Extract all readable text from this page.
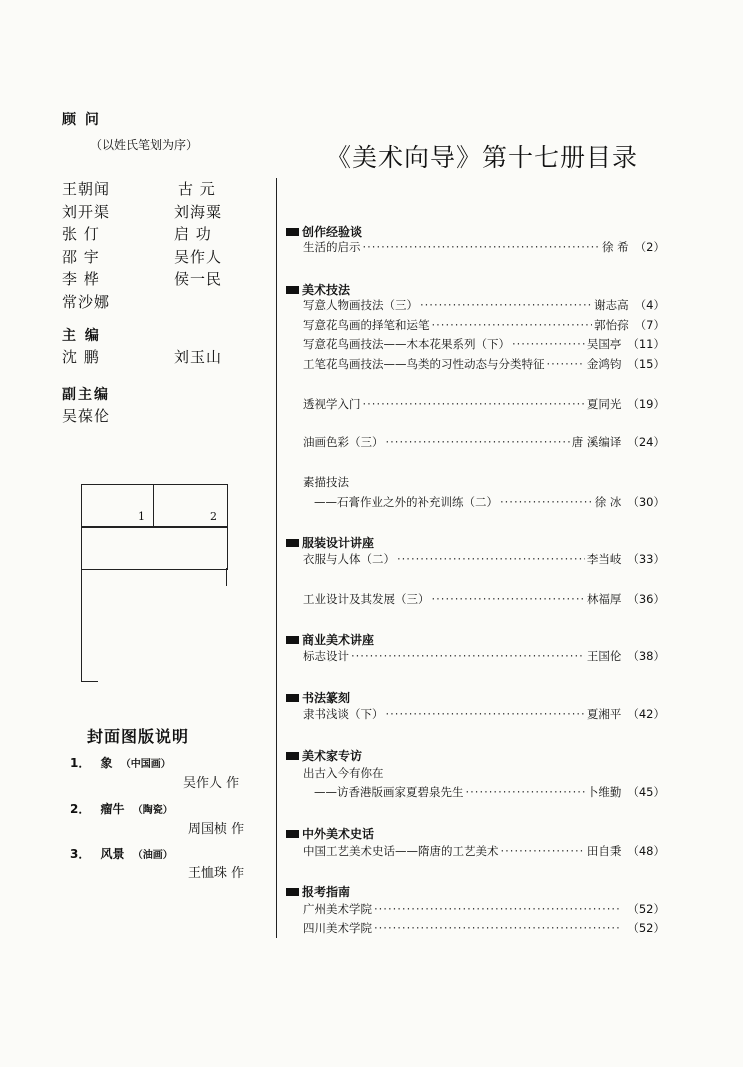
顾 问
（以姓氏笔划为序）
王朝闻	古 元
刘开渠	刘海粟
张 仃	启 功
邵 宇	吴作人
李 桦	侯一民
常沙娜
主 编
沈 鹏	刘玉山
副主编
吴葆伦
1	2
封面图版说明
1． 象 （中国画）
吴作人 作
2． 瘤牛 （陶瓷）
周国桢 作
3． 风景 （油画）
王恤珠 作
《美术向导》第十七册目录
创作经验谈
生活的启示 ·····	徐 希 （2）
美术技法
写意人物画技法（三） ·····	谢志高 （4）
写意花鸟画的择笔和运笔 ·····	郭怡孮 （7）
写意花鸟画技法——木本花果系列（下） ·····	吴国亭 （11）
工笔花鸟画技法——鸟类的习性动态与分类特征 ·····	金鸿钧 （15）
透视学入门 ·····	夏同光 （19）
油画色彩（三） ·····	唐 溪编译 （24）
素描技法
——石膏作业之外的补充训练（二） ·····	徐 冰 （30）
服装设计讲座
衣服与人体（二） ·····	李当岐 （33）
工业设计及其发展（三） ·····	林福厚 （36）
商业美术讲座
标志设计 ·····	王国伦 （38）
书法篆刻
隶书浅谈（下） ·····	夏湘平 （42）
美术家专访
出古入今有你在
——访香港版画家夏碧泉先生 ·····	卜维勤 （45）
中外美术史话
中国工艺美术史话——隋唐的工艺美术 ·····	田自秉 （48）
报考指南
广州美术学院 ·····	（52）
四川美术学院 ·····	（52）
